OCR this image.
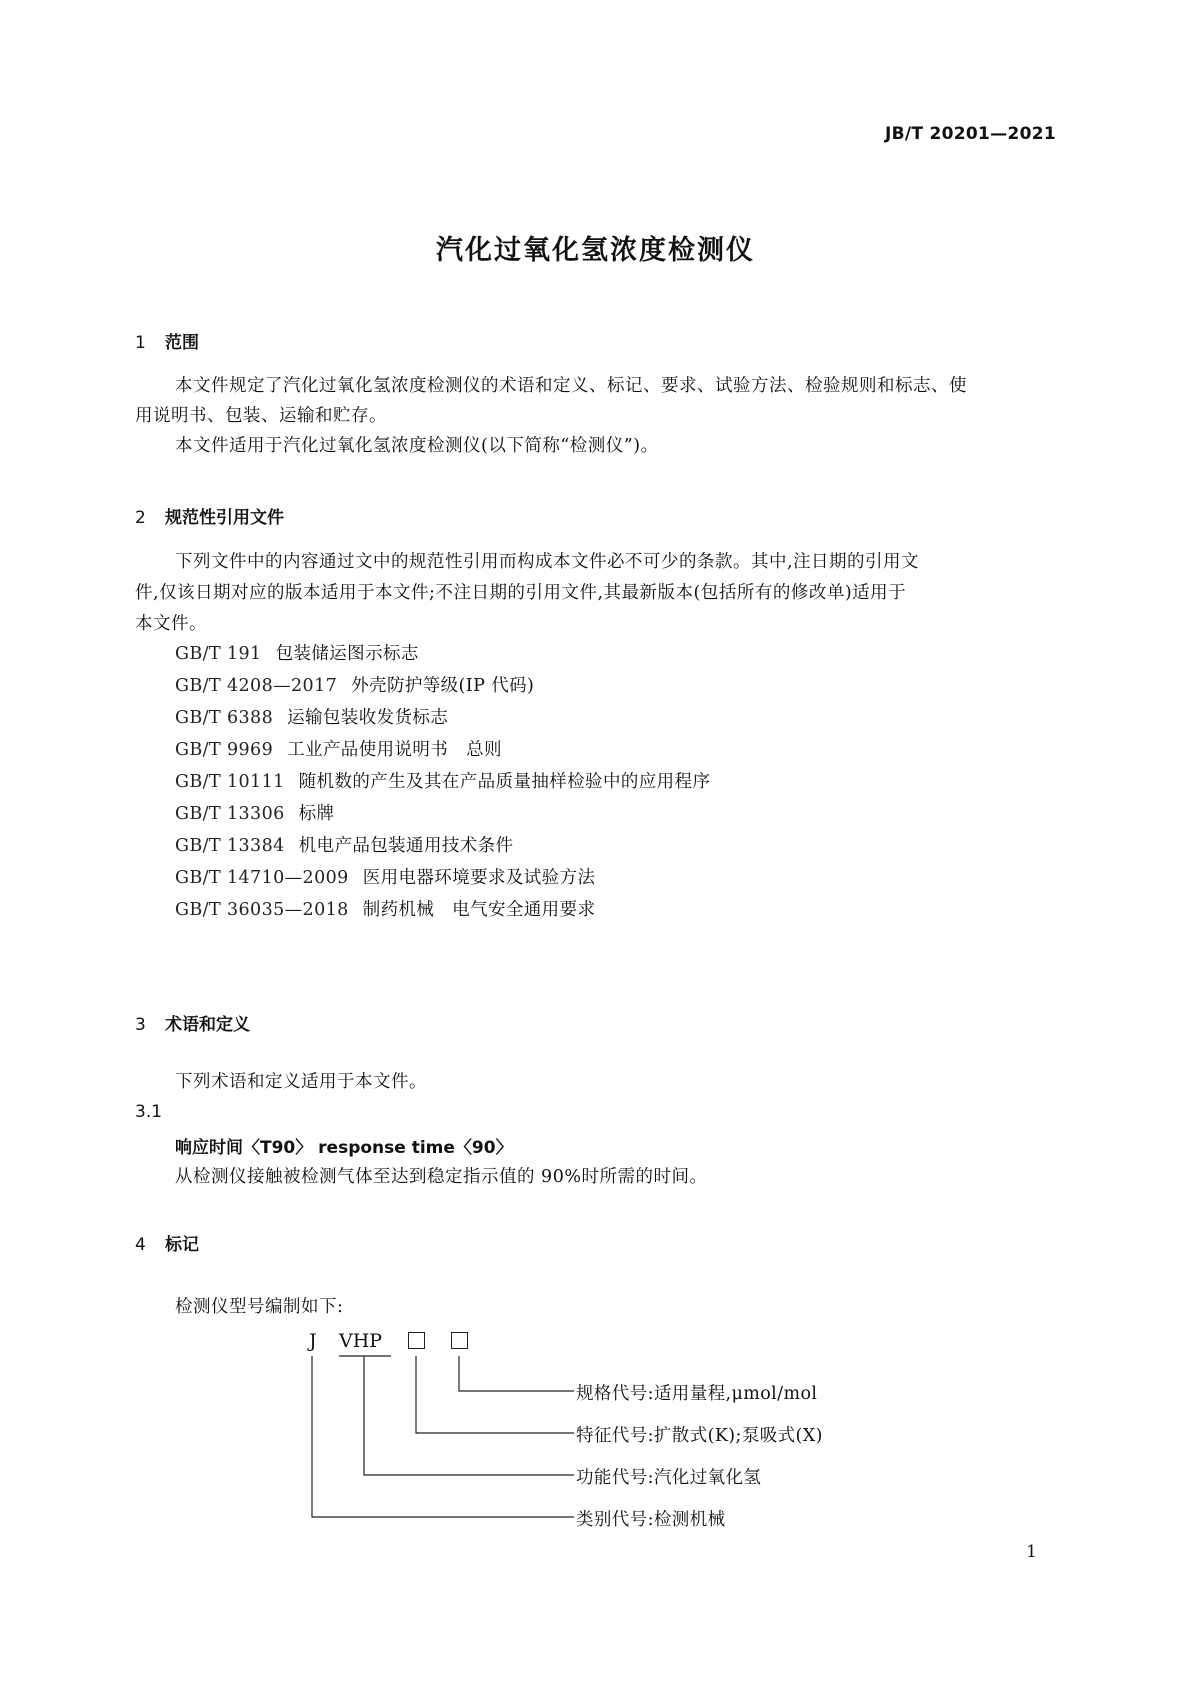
JB/T 20201—2021
汽化过氧化氢浓度检测仪
1 范围
本文件规定了汽化过氧化氢浓度检测仪的术语和定义、标记、要求、试验方法、检验规则和标志、使
用说明书、包装、运输和贮存。
本文件适用于汽化过氧化氢浓度检测仪(以下简称“检测仪”)。
2 规范性引用文件
下列文件中的内容通过文中的规范性引用而构成本文件必不可少的条款。其中,注日期的引用文
件,仅该日期对应的版本适用于本文件;不注日期的引用文件,其最新版本(包括所有的修改单)适用于
本文件。
GB/T 191 包装储运图示标志
GB/T 4208—2017 外壳防护等级(IP 代码)
GB/T 6388 运输包装收发货标志
GB/T 9969 工业产品使用说明书　总则
GB/T 10111 随机数的产生及其在产品质量抽样检验中的应用程序
GB/T 13306 标牌
GB/T 13384 机电产品包装通用技术条件
GB/T 14710—2009 医用电器环境要求及试验方法
GB/T 36035—2018 制药机械　电气安全通用要求
3 术语和定义
下列术语和定义适用于本文件。
3.1
响应时间〈T90〉 response time〈90〉
从检测仪接触被检测气体至达到稳定指示值的 90%时所需的时间。
4 标记
检测仪型号编制如下:
J VHP
规格代号:适用量程,μmol/mol
特征代号:扩散式(K);泵吸式(X)
功能代号:汽化过氧化氢
类别代号:检测机械
1
